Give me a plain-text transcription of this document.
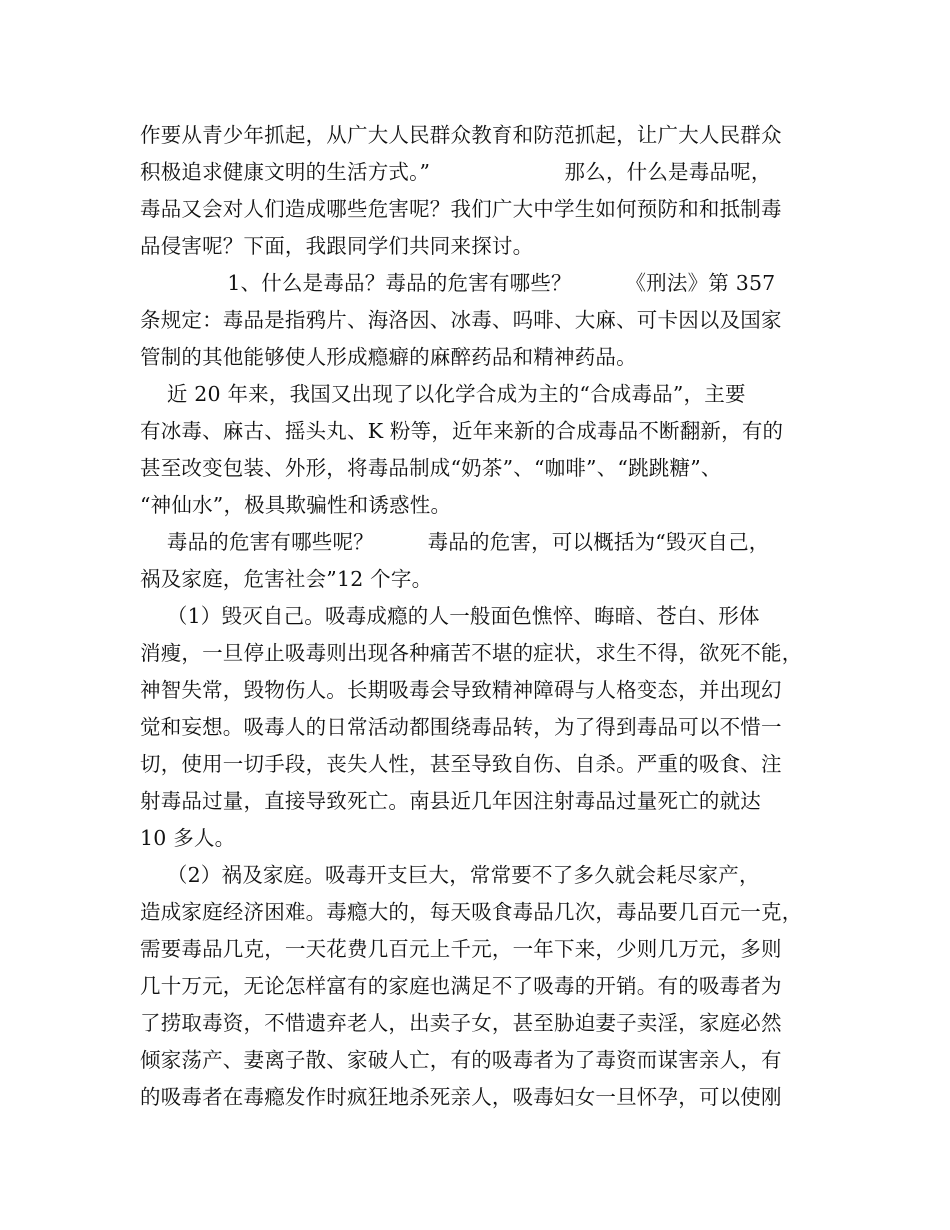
作要从青少年抓起，从广大人民群众教育和防范抓起，让广大人民群众
积极追求健康文明的生活方式。”                    那么，什么是毒品呢，
毒品又会对人们造成哪些危害呢？我们广大中学生如何预防和和抵制毒
品侵害呢？下面，我跟同学们共同来探讨。
1、什么是毒品？毒品的危害有哪些？        《刑法》第 357
条规定：毒品是指鸦片、海洛因、冰毒、吗啡、大麻、可卡因以及国家
管制的其他能够使人形成瘾癖的麻醉药品和精神药品。
近 20 年来，我国又出现了以化学合成为主的“合成毒品”，主要
有冰毒、麻古、摇头丸、K 粉等，近年来新的合成毒品不断翻新，有的
甚至改变包装、外形，将毒品制成“奶茶”、“咖啡”、“跳跳糖”、
“神仙水”，极具欺骗性和诱惑性。
毒品的危害有哪些呢？        毒品的危害，可以概括为“毁灭自己，
祸及家庭，危害社会”12 个字。
（1）毁灭自己。吸毒成瘾的人一般面色憔悴、晦暗、苍白、形体
消瘦，一旦停止吸毒则出现各种痛苦不堪的症状，求生不得，欲死不能，
神智失常，毁物伤人。长期吸毒会导致精神障碍与人格变态，并出现幻
觉和妄想。吸毒人的日常活动都围绕毒品转，为了得到毒品可以不惜一
切，使用一切手段，丧失人性，甚至导致自伤、自杀。严重的吸食、注
射毒品过量，直接导致死亡。南县近几年因注射毒品过量死亡的就达
10 多人。
（2）祸及家庭。吸毒开支巨大，常常要不了多久就会耗尽家产，
造成家庭经济困难。毒瘾大的，每天吸食毒品几次，毒品要几百元一克，
需要毒品几克，一天花费几百元上千元，一年下来，少则几万元，多则
几十万元，无论怎样富有的家庭也满足不了吸毒的开销。有的吸毒者为
了捞取毒资，不惜遗弃老人，出卖子女，甚至胁迫妻子卖淫，家庭必然
倾家荡产、妻离子散、家破人亡，有的吸毒者为了毒资而谋害亲人，有
的吸毒者在毒瘾发作时疯狂地杀死亲人，吸毒妇女一旦怀孕，可以使刚
